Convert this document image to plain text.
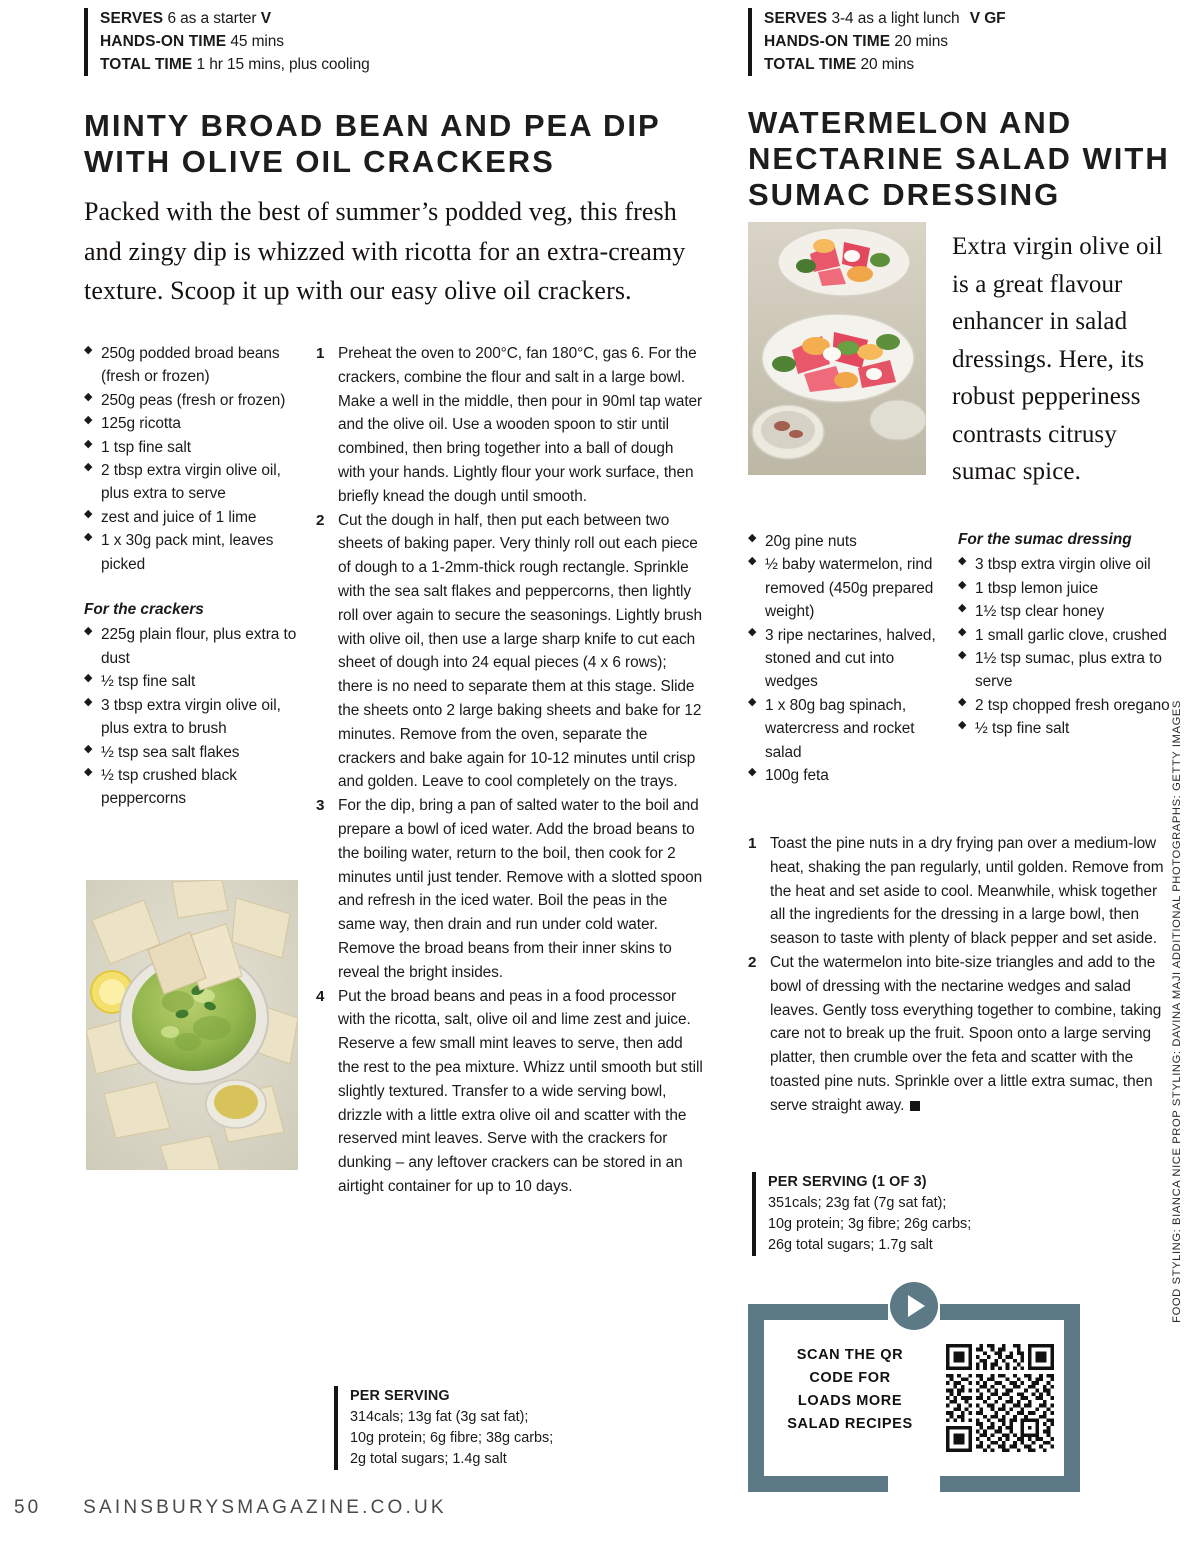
SERVES 6 as a starter V
HANDS-ON TIME 45 mins
TOTAL TIME 1 hr 15 mins, plus cooling
SERVES 3-4 as a light lunch V GF
HANDS-ON TIME 20 mins
TOTAL TIME 20 mins
MINTY BROAD BEAN AND PEA DIP WITH OLIVE OIL CRACKERS
WATERMELON AND NECTARINE SALAD WITH SUMAC DRESSING

Packed with the best of summer’s podded veg, this fresh and zingy dip is whizzed with ricotta for an extra-creamy texture. Scoop it up with our easy olive oil crackers.

◆ 250g podded broad beans (fresh or frozen)
◆ 250g peas (fresh or frozen)
◆ 125g ricotta
◆ 1 tsp fine salt
◆ 2 tbsp extra virgin olive oil, plus extra to serve
◆ zest and juice of 1 lime
◆ 1 x 30g pack mint, leaves picked
For the crackers
◆ 225g plain flour, plus extra to dust
◆ ½ tsp fine salt
◆ 3 tbsp extra virgin olive oil, plus extra to brush
◆ ½ tsp sea salt flakes
◆ ½ tsp crushed black peppercorns
1 Preheat the oven to 200°C, fan 180°C, gas 6. For the crackers, combine the flour and salt in a large bowl. Make a well in the middle, then pour in 90ml tap water and the olive oil. Use a wooden spoon to stir until combined, then bring together into a ball of dough with your hands. Lightly flour your work surface, then briefly knead the dough until smooth.
2 Cut the dough in half, then put each between two sheets of baking paper. Very thinly roll out each piece of dough to a 1-2mm-thick rough rectangle. Sprinkle with the sea salt flakes and peppercorns, then lightly roll over again to secure the seasonings. Lightly brush with olive oil, then use a large sharp knife to cut each sheet of dough into 24 equal pieces (4 x 6 rows); there is no need to separate them at this stage. Slide the sheets onto 2 large baking sheets and bake for 12 minutes. Remove from the oven, separate the crackers and bake again for 10-12 minutes until crisp and golden. Leave to cool completely on the trays.
3 For the dip, bring a pan of salted water to the boil and prepare a bowl of iced water. Add the broad beans to the boiling water, return to the boil, then cook for 2 minutes until just tender. Remove with a slotted spoon and refresh in the iced water. Boil the peas in the same way, then drain and run under cold water. Remove the broad beans from their inner skins to reveal the bright insides.
4 Put the broad beans and peas in a food processor with the ricotta, salt, olive oil and lime zest and juice. Reserve a few small mint leaves to serve, then add the rest to the pea mixture. Whizz until smooth but still slightly textured. Transfer to a wide serving bowl, drizzle with a little extra olive oil and scatter with the reserved mint leaves. Serve with the crackers for dunking – any leftover crackers can be stored in an airtight container for up to 10 days.
PER SERVING
314cals; 13g fat (3g sat fat);
10g protein; 6g fibre; 38g carbs;
2g total sugars; 1.4g salt

Extra virgin olive oil is a great flavour enhancer in salad dressings. Here, its robust pepperiness contrasts citrusy sumac spice.

◆ 20g pine nuts
◆ ½ baby watermelon, rind removed (450g prepared weight)
◆ 3 ripe nectarines, halved, stoned and cut into wedges
◆ 1 x 80g bag spinach, watercress and rocket salad
◆ 100g feta
For the sumac dressing
◆ 3 tbsp extra virgin olive oil
◆ 1 tbsp lemon juice
◆ 1½ tsp clear honey
◆ 1 small garlic clove, crushed
◆ 1½ tsp sumac, plus extra to serve
◆ 2 tsp chopped fresh oregano
◆ ½ tsp fine salt
1 Toast the pine nuts in a dry frying pan over a medium-low heat, shaking the pan regularly, until golden. Remove from the heat and set aside to cool. Meanwhile, whisk together all the ingredients for the dressing in a large bowl, then season to taste with plenty of black pepper and set aside.
2 Cut the watermelon into bite-size triangles and add to the bowl of dressing with the nectarine wedges and salad leaves. Gently toss everything together to combine, taking care not to break up the fruit. Spoon onto a large serving platter, then crumble over the feta and scatter with the toasted pine nuts. Sprinkle over a little extra sumac, then serve straight away.
PER SERVING (1 OF 3)
351cals; 23g fat (7g sat fat);
10g protein; 3g fibre; 26g carbs;
26g total sugars; 1.7g salt
SCAN THE QR
CODE FOR
LOADS MORE
SALAD RECIPES
FOOD STYLING: BIANCA NICE PROP STYLING: DAVINA MAJI ADDITIONAL PHOTOGRAPHS: GETTY IMAGES
50 SAINSBURYSMAGAZINE.CO.UK
